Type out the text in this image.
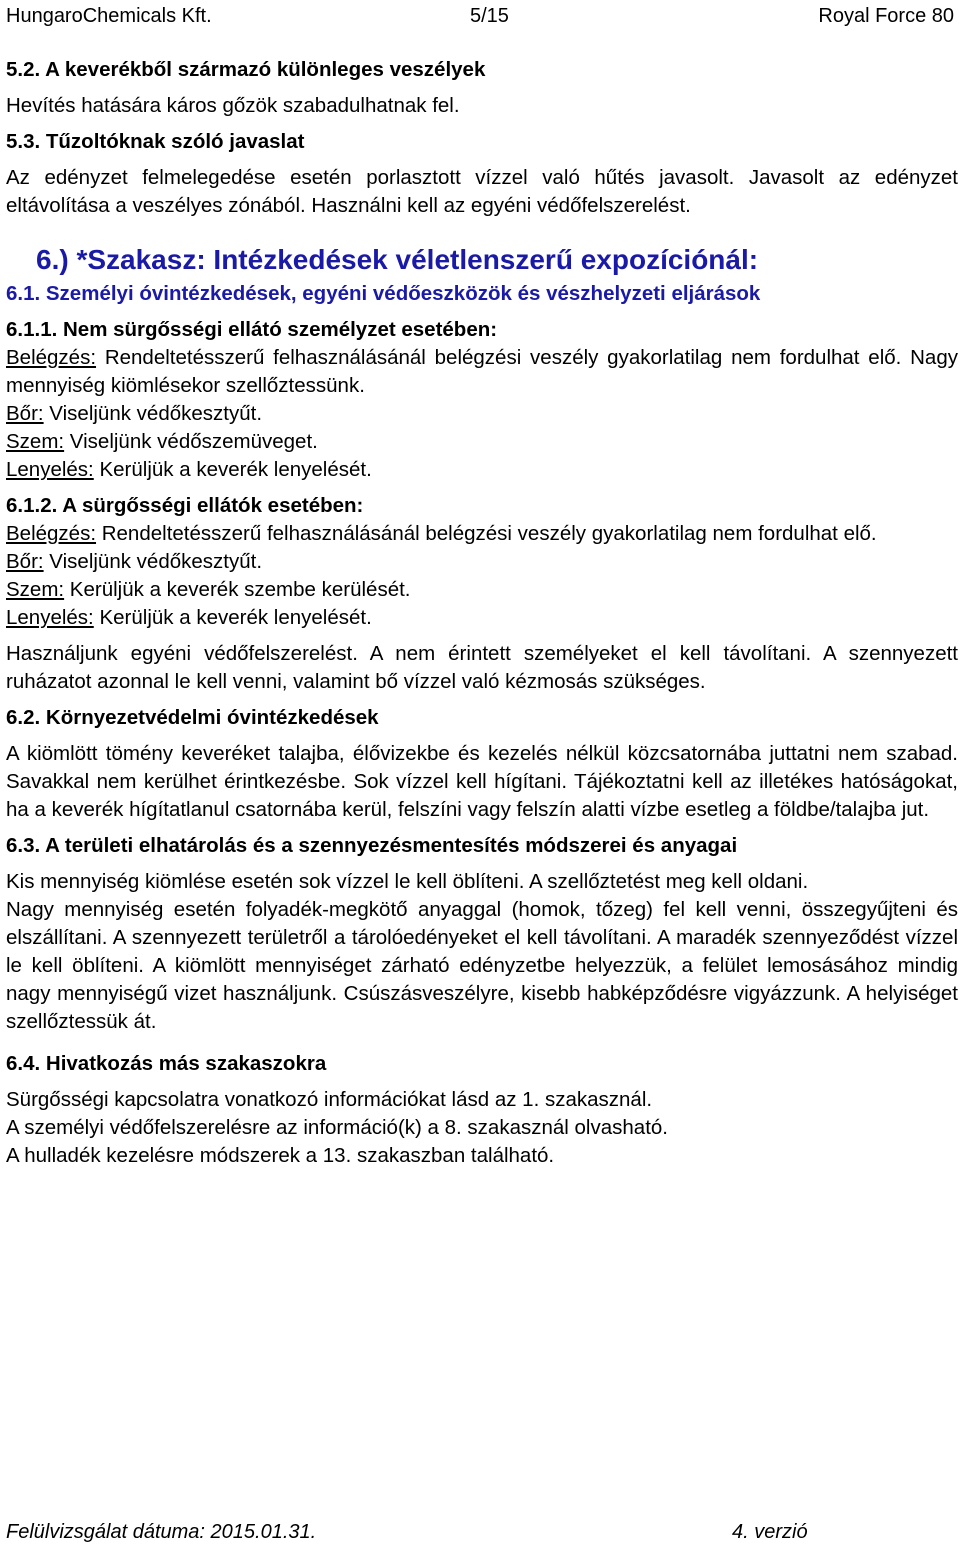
HungaroChemicals Kft.	5/15	Royal Force 80

5.2. A keverékből származó különleges veszélyek

Hevítés hatására káros gőzök szabadulhatnak fel.

5.3. Tűzoltóknak szóló javaslat

Az edényzet felmelegedése esetén porlasztott vízzel való hűtés javasolt. Javasolt az edényzet eltávolítása a veszélyes zónából. Használni kell az egyéni védőfelszerelést.

6.) *Szakasz: Intézkedések véletlenszerű expozíciónál:

6.1. Személyi óvintézkedések, egyéni védőeszközök és vészhelyzeti eljárások

6.1.1. Nem sürgősségi ellátó személyzet esetében:

Belégzés: Rendeltetésszerű felhasználásánál belégzési veszély gyakorlatilag nem fordulhat elő. Nagy mennyiség kiömlésekor szellőztessünk.

Bőr: Viseljünk védőkesztyűt.

Szem: Viseljünk védőszemüveget.

Lenyelés: Kerüljük a keverék lenyelését.

6.1.2. A sürgősségi ellátók esetében:

Belégzés: Rendeltetésszerű felhasználásánál belégzési veszély gyakorlatilag nem fordulhat elő.

Bőr: Viseljünk védőkesztyűt.

Szem: Kerüljük a keverék szembe kerülését.

Lenyelés: Kerüljük a keverék lenyelését.

Használjunk egyéni védőfelszerelést. A nem érintett személyeket el kell távolítani. A szennyezett ruházatot azonnal le kell venni, valamint bő vízzel való kézmosás szükséges.

6.2. Környezetvédelmi óvintézkedések

A kiömlött tömény keveréket talajba, élővizekbe és kezelés nélkül közcsatornába juttatni nem szabad. Savakkal nem kerülhet érintkezésbe. Sok vízzel kell hígítani. Tájékoztatni kell az illetékes hatóságokat, ha a keverék hígítatlanul csatornába kerül, felszíni vagy felszín alatti vízbe esetleg a földbe/talajba jut.

6.3. A területi elhatárolás és a szennyezésmentesítés módszerei és anyagai

Kis mennyiség kiömlése esetén sok vízzel le kell öblíteni. A szellőztetést meg kell oldani.

Nagy mennyiség esetén folyadék-megkötő anyaggal (homok, tőzeg) fel kell venni, összegyűjteni és elszállítani. A szennyezett területről a tárolóedényeket el kell távolítani. A maradék szennyeződést vízzel le kell öblíteni. A kiömlött mennyiséget zárható edényzetbe helyezzük, a felület lemosásához mindig nagy mennyiségű vizet használjunk. Csúszásveszélyre, kisebb habképződésre vigyázzunk. A helyiséget szellőztessük át.

6.4. Hivatkozás más szakaszokra

Sürgősségi kapcsolatra vonatkozó információkat lásd az 1. szakasznál.

A személyi védőfelszerelésre az információ(k) a 8. szakasznál olvasható.

A hulladék kezelésre módszerek a 13. szakaszban található.

Felülvizsgálat dátuma: 2015.01.31.	4. verzió
